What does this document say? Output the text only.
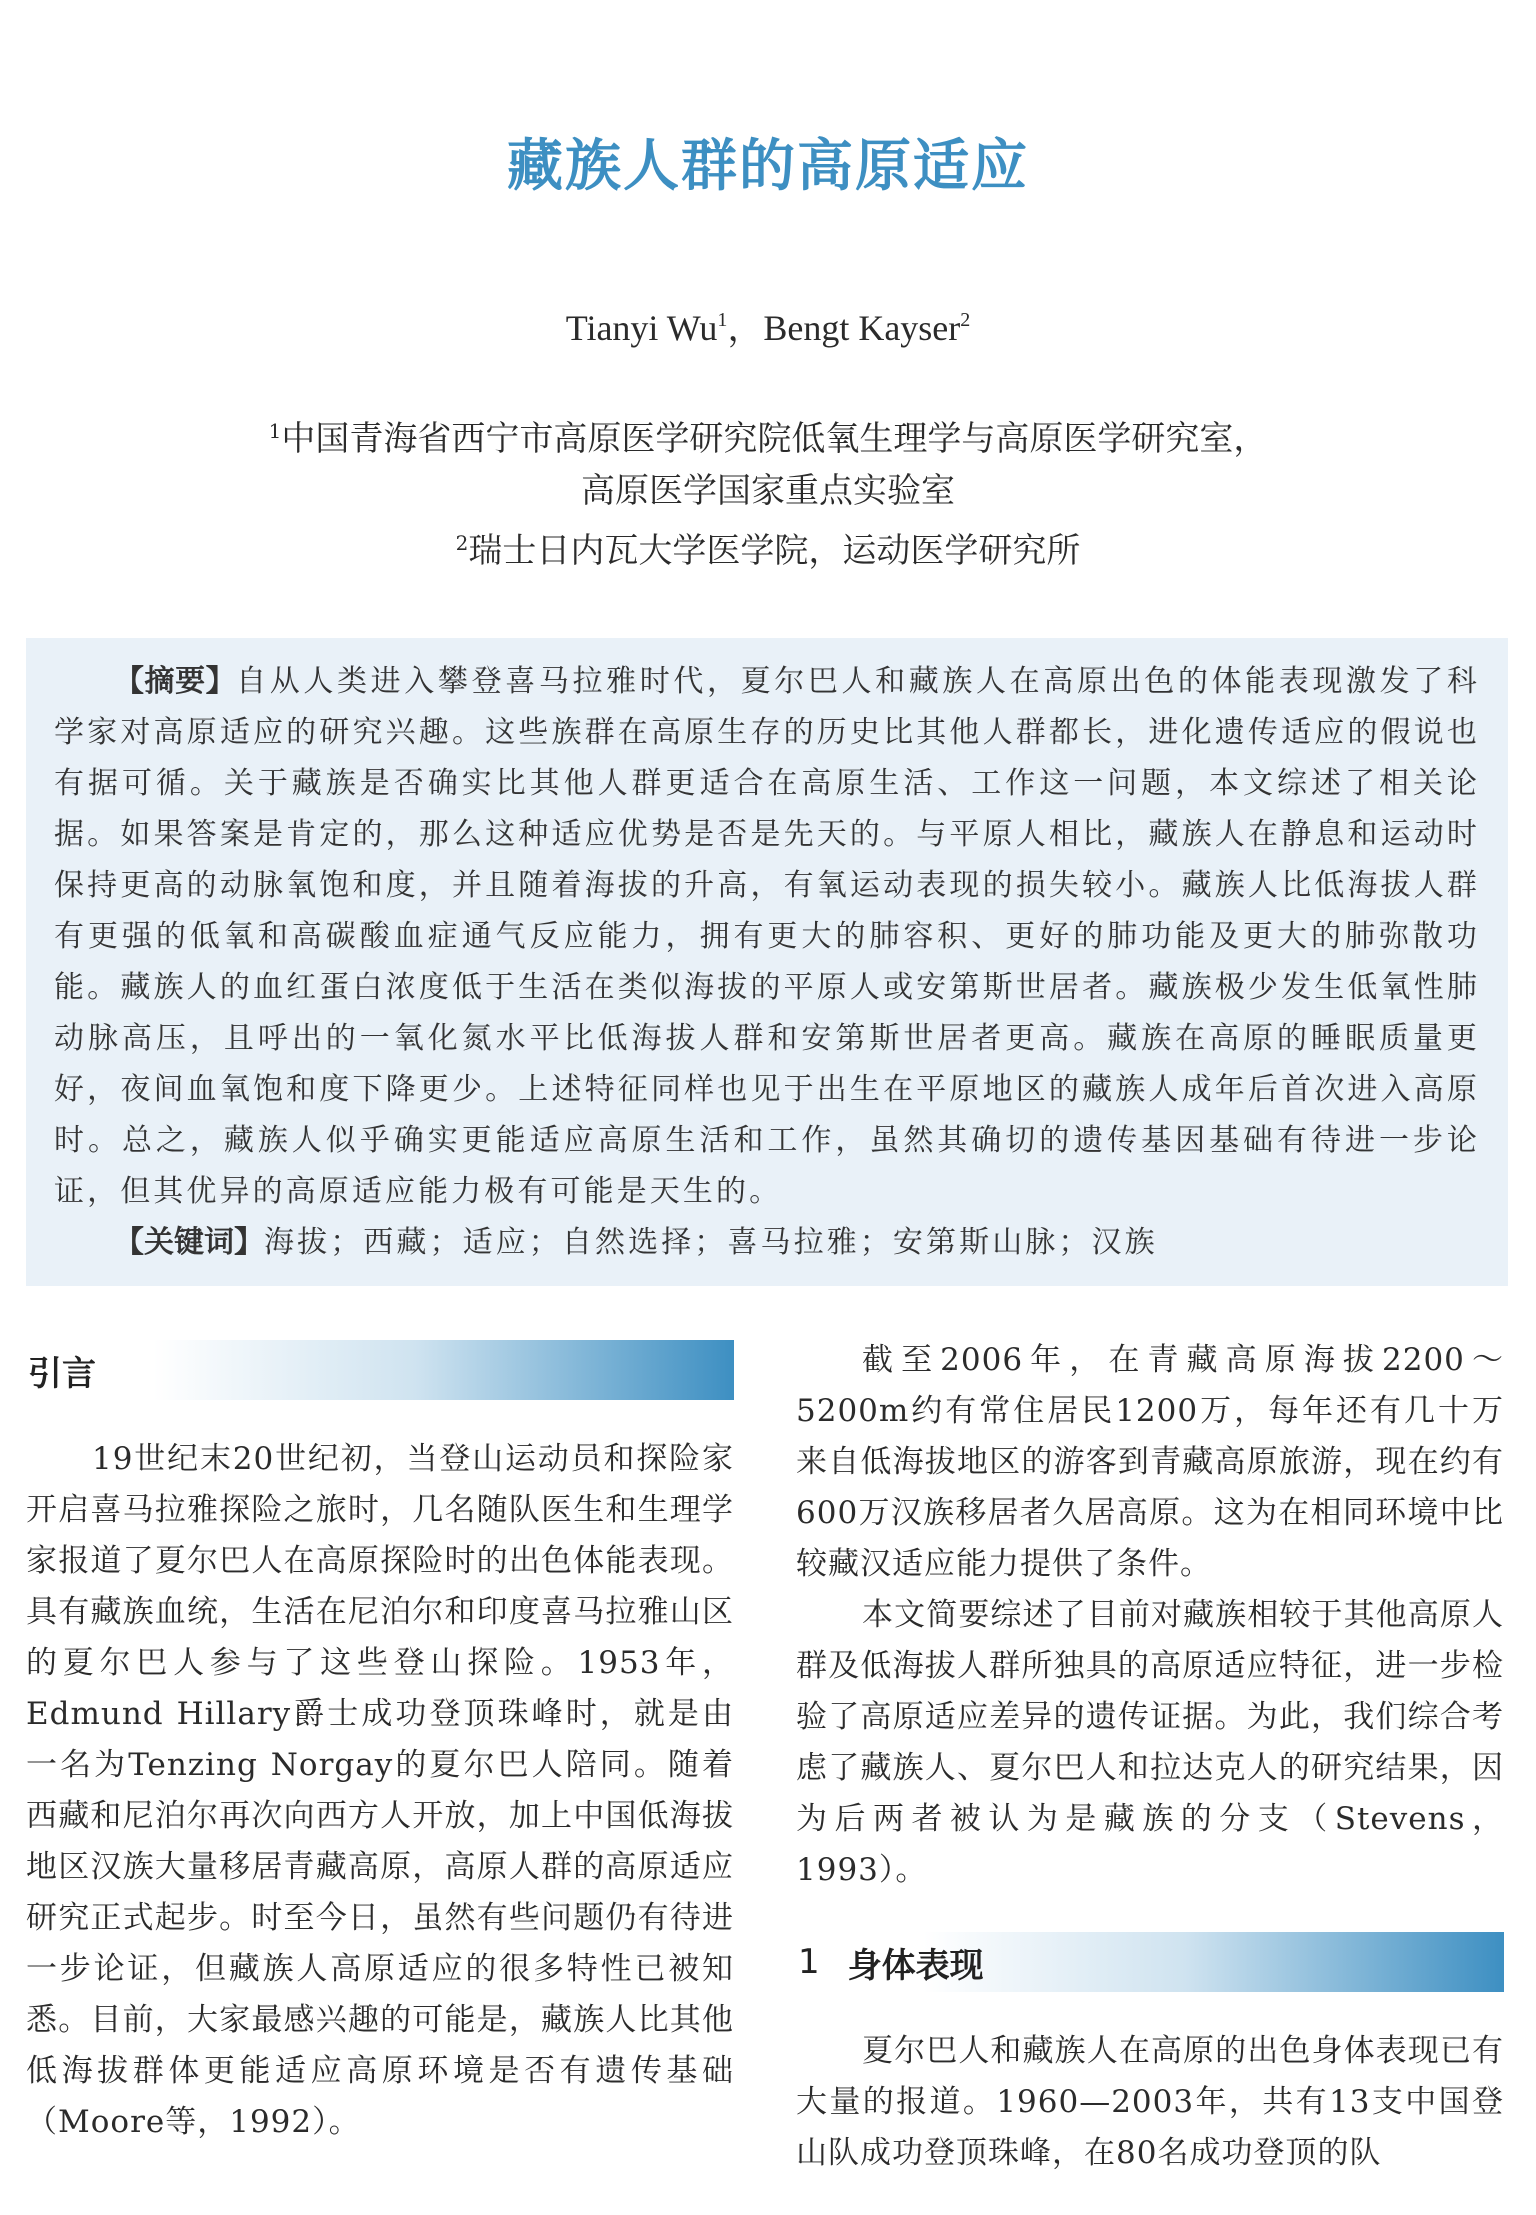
藏族人群的高原适应
Tianyi Wu$^1$，Bengt Kayser$^2$
$^1$中国青海省西宁市高原医学研究院低氧生理学与高原医学研究室，
高原医学国家重点实验室
$^2$瑞士日内瓦大学医学院，运动医学研究所

【摘要】自从人类进入攀登喜马拉雅时代，夏尔巴人和藏族人在高原出色的体能表现激发了科学家对高原适应的研究兴趣。这些族群在高原生存的历史比其他人群都长，进化遗传适应的假说也有据可循。关于藏族是否确实比其他人群更适合在高原生活、工作这一问题，本文综述了相关论据。如果答案是肯定的，那么这种适应优势是否是先天的。与平原人相比，藏族人在静息和运动时保持更高的动脉氧饱和度，并且随着海拔的升高，有氧运动表现的损失较小。藏族人比低海拔人群有更强的低氧和高碳酸血症通气反应能力，拥有更大的肺容积、更好的肺功能及更大的肺弥散功能。藏族人的血红蛋白浓度低于生活在类似海拔的平原人或安第斯世居者。藏族极少发生低氧性肺动脉高压，且呼出的一氧化氮水平比低海拔人群和安第斯世居者更高。藏族在高原的睡眠质量更好，夜间血氧饱和度下降更少。上述特征同样也见于出生在平原地区的藏族人成年后首次进入高原时。总之，藏族人似乎确实更能适应高原生活和工作，虽然其确切的遗传基因基础有待进一步论证，但其优异的高原适应能力极有可能是天生的。

【关键词】海拔；西藏；适应；自然选择；喜马拉雅；安第斯山脉；汉族

引言

19世纪末20世纪初，当登山运动员和探险家开启喜马拉雅探险之旅时，几名随队医生和生理学家报道了夏尔巴人在高原探险时的出色体能表现。具有藏族血统，生活在尼泊尔和印度喜马拉雅山区的夏尔巴人参与了这些登山探险。1953年，Edmund Hillary爵士成功登顶珠峰时，就是由一名为Tenzing Norgay的夏尔巴人陪同。随着西藏和尼泊尔再次向西方人开放，加上中国低海拔地区汉族大量移居青藏高原，高原人群的高原适应研究正式起步。时至今日，虽然有些问题仍有待进一步论证，但藏族人高原适应的很多特性已被知悉。目前，大家最感兴趣的可能是，藏族人比其他低海拔群体更能适应高原环境是否有遗传基础（Moore等，1992）。

截至2006年，在青藏高原海拔2200～5200m约有常住居民1200万，每年还有几十万来自低海拔地区的游客到青藏高原旅游，现在约有600万汉族移居者久居高原。这为在相同环境中比较藏汉适应能力提供了条件。

本文简要综述了目前对藏族相较于其他高原人群及低海拔人群所独具的高原适应特征，进一步检验了高原适应差异的遗传证据。为此，我们综合考虑了藏族人、夏尔巴人和拉达克人的研究结果，因为后两者被认为是藏族的分支（Stevens，1993）。

1 身体表现

夏尔巴人和藏族人在高原的出色身体表现已有大量的报道。1960—2003年，共有13支中国登山队成功登顶珠峰，在80名成功登顶的队
